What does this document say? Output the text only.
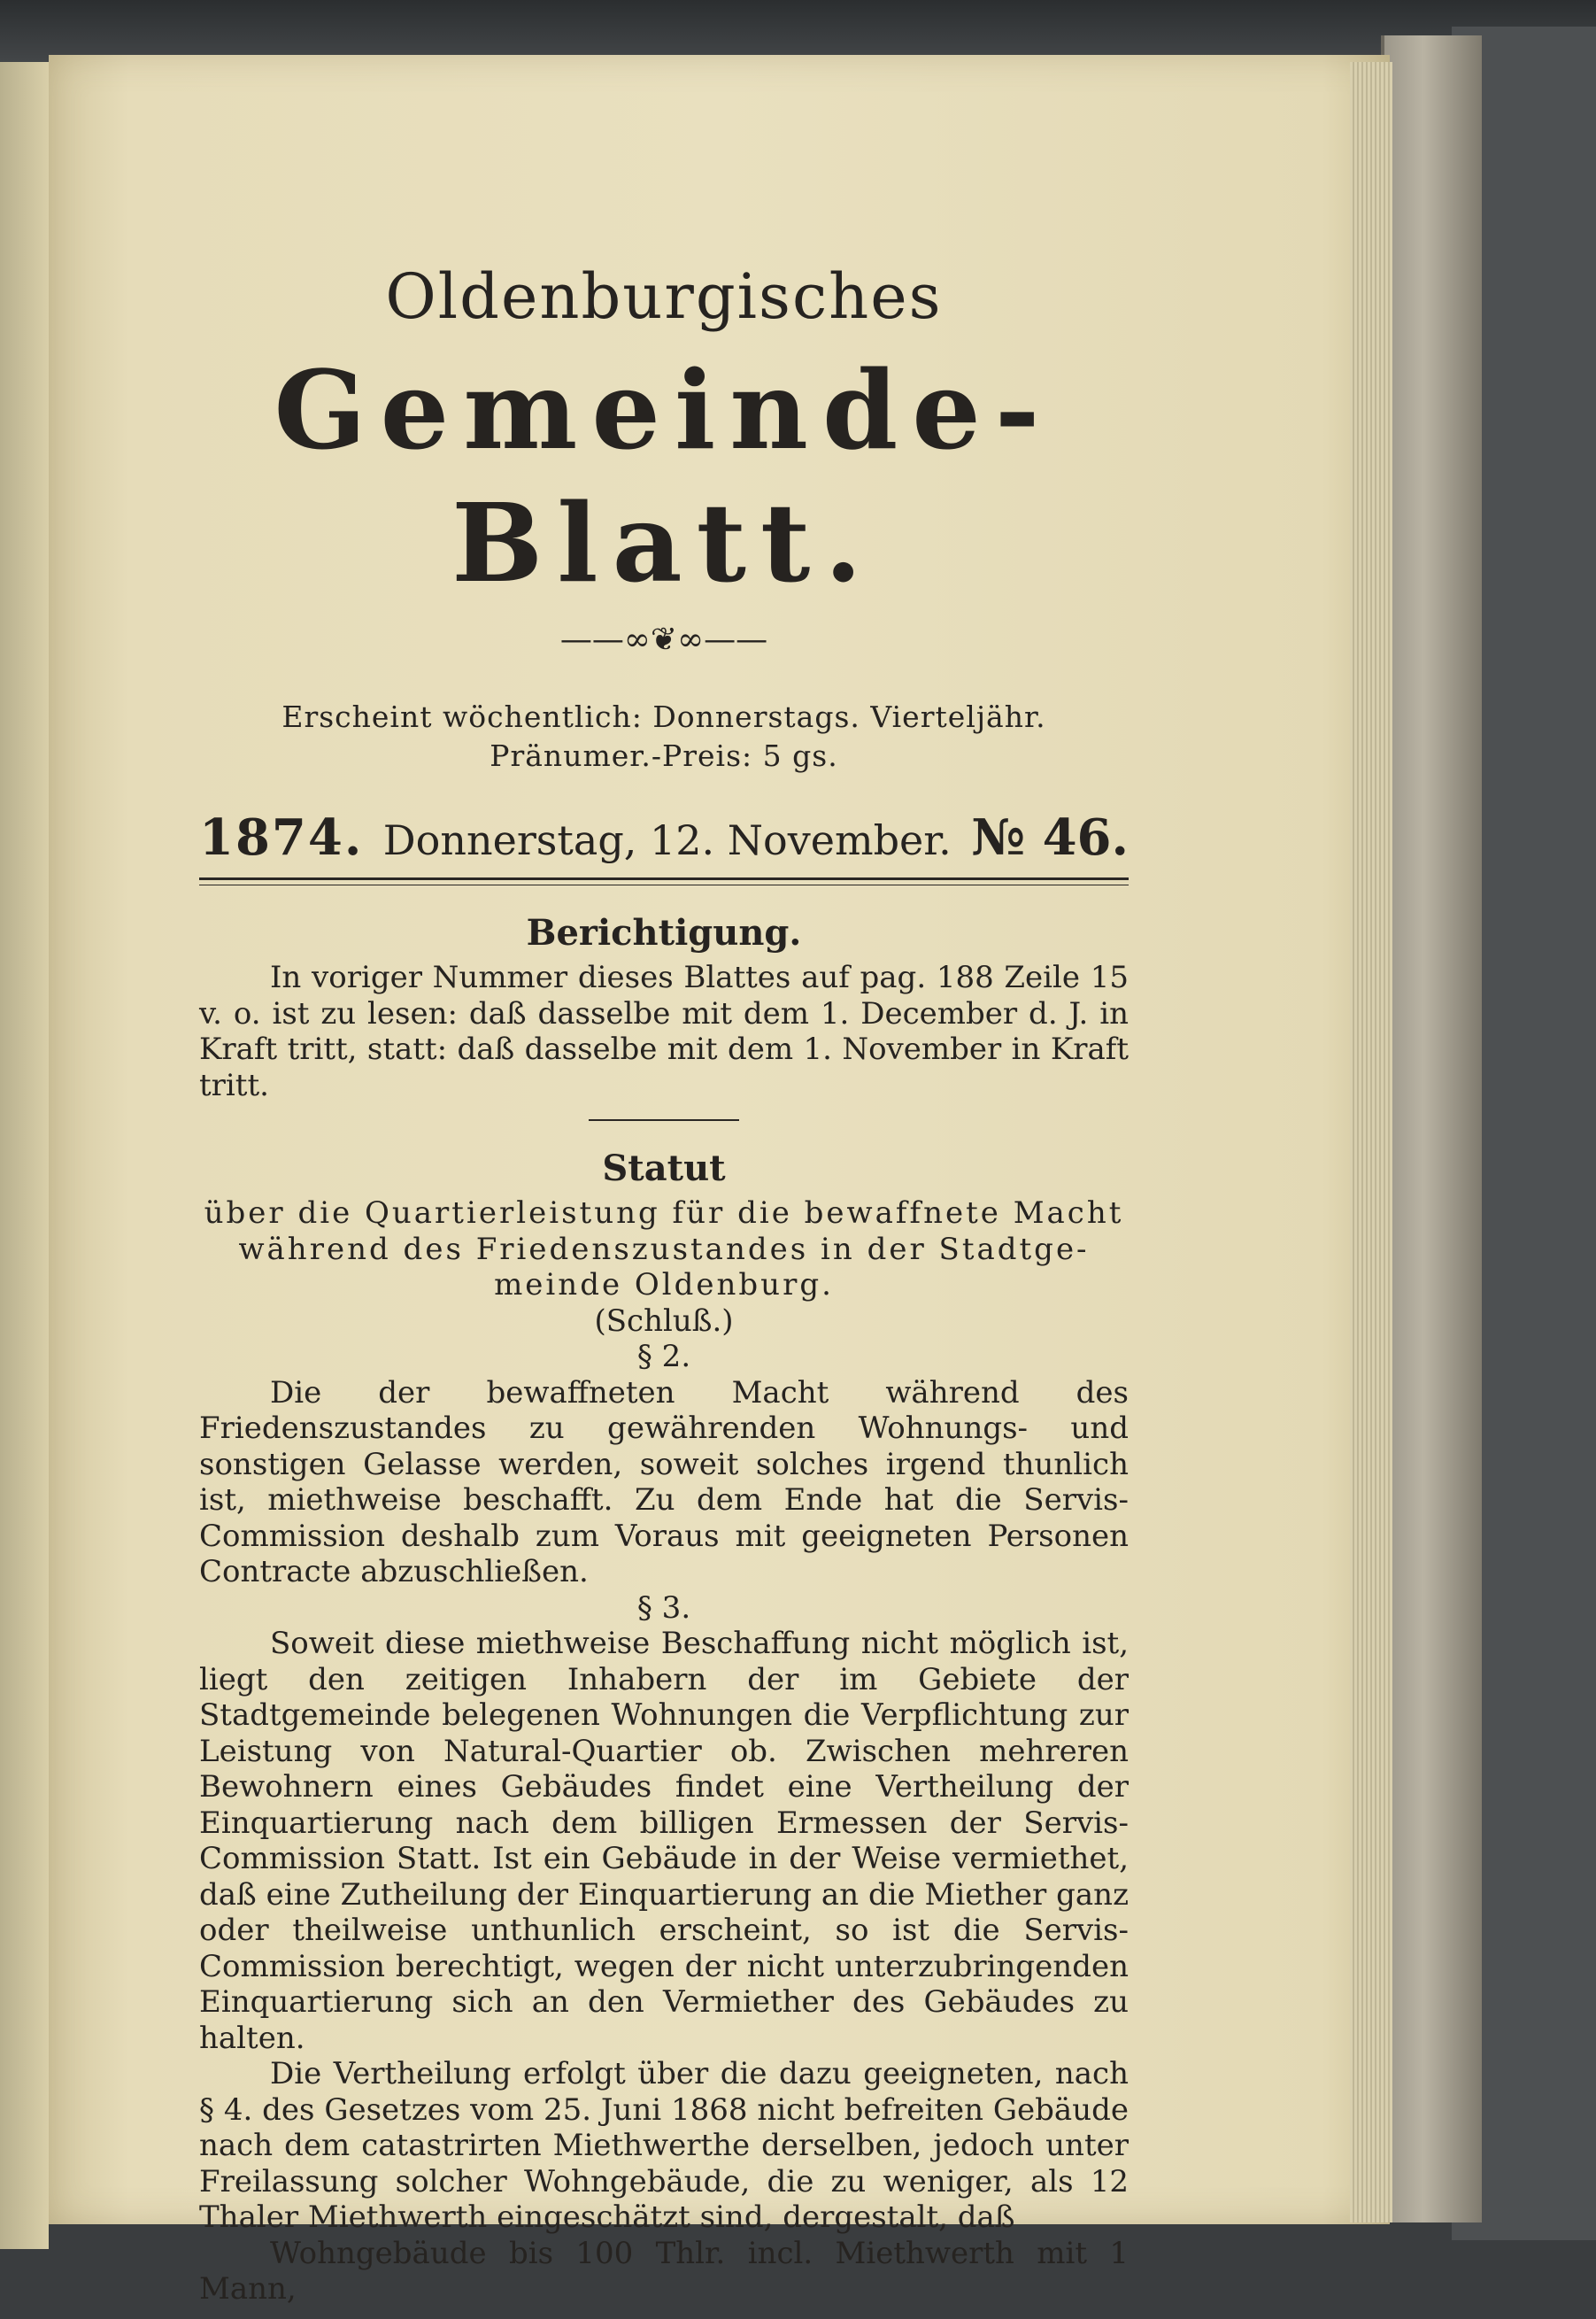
Oldenburgisches
Gemeinde-Blatt.
——∞❦∞——

Erscheint wöchentlich: Donnerstags. Vierteljähr. Pränumer.-Preis: 5 gs.

1874. Donnerstag, 12. November. № 46.
Berichtigung.

In voriger Nummer dieses Blattes auf pag. 188 Zeile 15 v. o. ist zu lesen: daß dasselbe mit dem 1. December d. J. in Kraft tritt, statt: daß dasselbe mit dem 1. November in Kraft tritt.

Statut

über die Quartierleistung für die bewaffnete Macht

während des Friedenszustandes in der Stadtge-

meinde Oldenburg.

(Schluß.)

§ 2.

Die der bewaffneten Macht während des Friedenszustandes zu gewährenden Wohnungs- und sonstigen Gelasse werden, soweit solches irgend thunlich ist, miethweise beschafft. Zu dem Ende hat die Servis-Commission deshalb zum Voraus mit geeigneten Personen Contracte abzuschließen.

§ 3.

Soweit diese miethweise Beschaffung nicht möglich ist, liegt den zeitigen Inhabern der im Gebiete der Stadtgemeinde belegenen Wohnungen die Verpflichtung zur Leistung von Natural-Quartier ob. Zwischen mehreren Bewohnern eines Gebäudes findet eine Vertheilung der Einquartierung nach dem billigen Ermessen der Servis-Commission Statt. Ist ein Gebäude in der Weise vermiethet, daß eine Zutheilung der Einquartierung an die Miether ganz oder theilweise unthunlich erscheint, so ist die Servis-Commission berechtigt, wegen der nicht unterzubringenden Einquartierung sich an den Vermiether des Gebäudes zu halten.

Die Vertheilung erfolgt über die dazu geeigneten, nach § 4. des Gesetzes vom 25. Juni 1868 nicht befreiten Gebäude nach dem catastrirten Miethwerthe derselben, jedoch unter Freilassung solcher Wohngebäude, die zu weniger, als 12 Thaler Miethwerth eingeschätzt sind, dergestalt, daß

Wohngebäude bis 100 Thlr. incl. Miethwerth mit 1 Mann,
